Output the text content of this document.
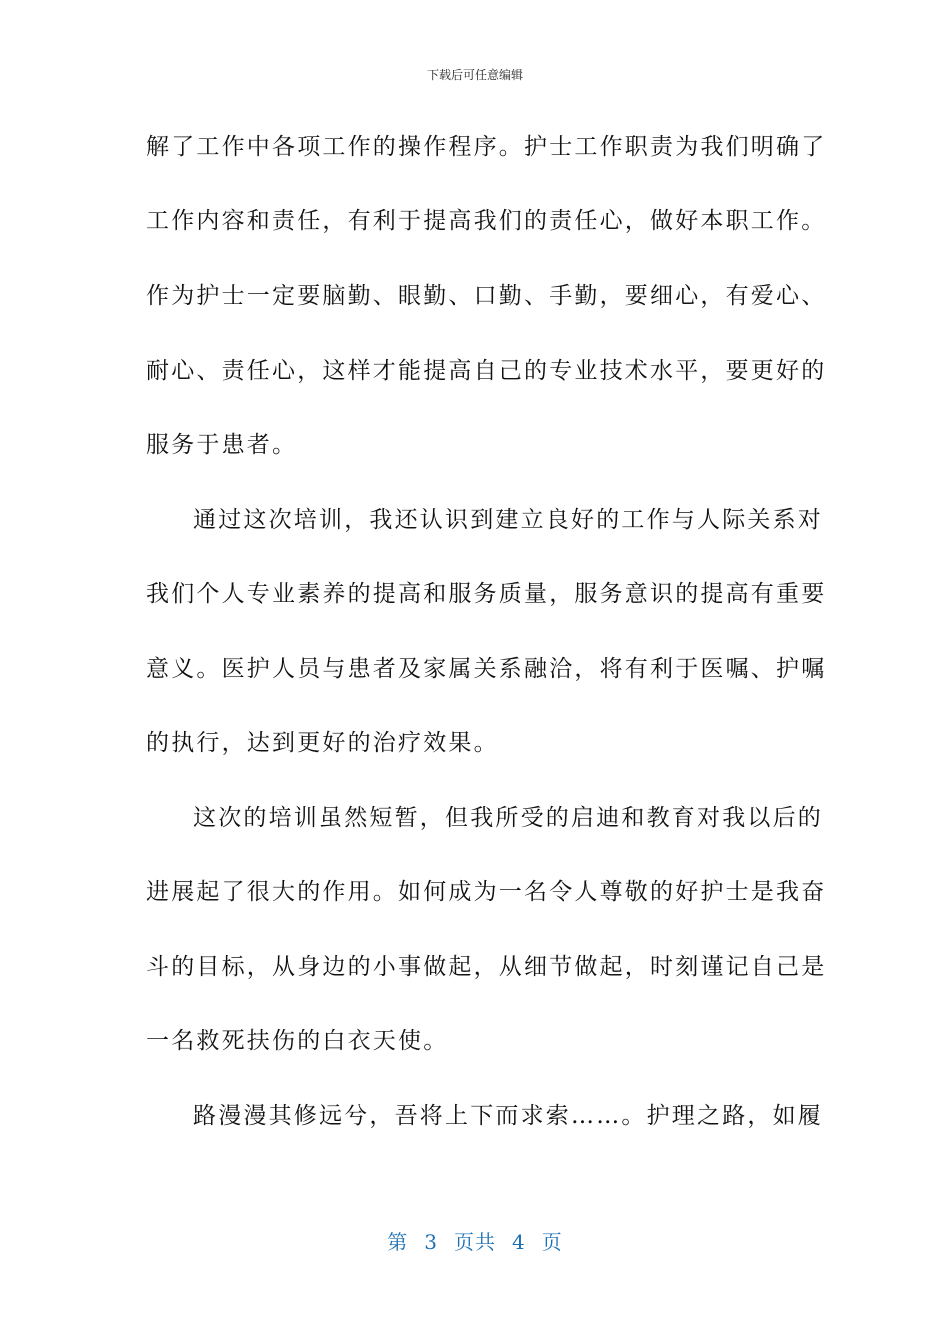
下载后可任意编辑
解了工作中各项工作的操作程序。护士工作职责为我们明确了
工作内容和责任，有利于提高我们的责任心，做好本职工作。
作为护士一定要脑勤、眼勤、口勤、手勤，要细心，有爱心、
耐心、责任心，这样才能提高自己的专业技术水平，要更好的
服务于患者。
通过这次培训，我还认识到建立良好的工作与人际关系对
我们个人专业素养的提高和服务质量，服务意识的提高有重要
意义。医护人员与患者及家属关系融洽，将有利于医嘱、护嘱
的执行，达到更好的治疗效果。
这次的培训虽然短暂，但我所受的启迪和教育对我以后的
进展起了很大的作用。如何成为一名令人尊敬的好护士是我奋
斗的目标，从身边的小事做起，从细节做起，时刻谨记自己是
一名救死扶伤的白衣天使。
路漫漫其修远兮，吾将上下而求索……。护理之路，如履
第 3 页共 4 页
